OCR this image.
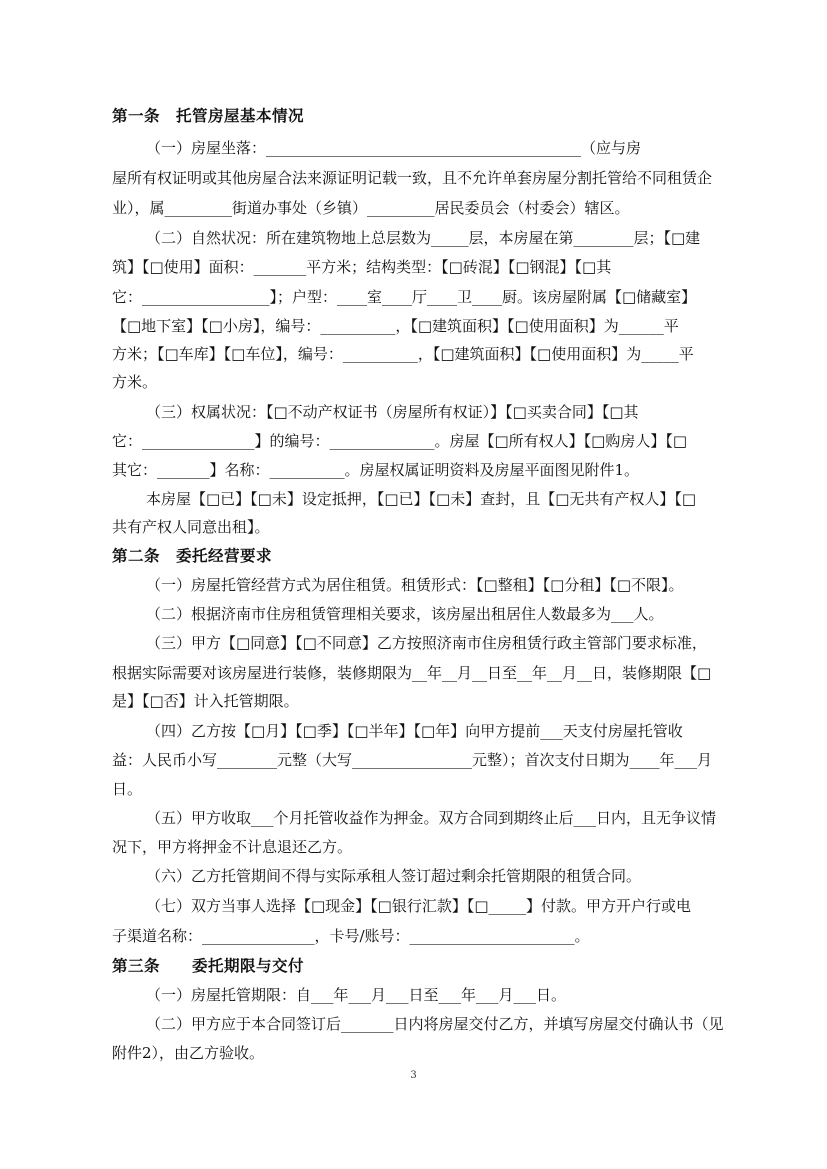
第一条　托管房屋基本情况
（一）房屋坐落：__________________________________________（应与房
屋所有权证明或其他房屋合法来源证明记载一致，且不允许单套房屋分割托管给不同租赁企
业），属_________街道办事处（乡镇）_________居民委员会（村委会）辖区。
（二）自然状况：所在建筑物地上总层数为_____层，本房屋在第________层；【□建
筑】【□使用】面积：_______平方米；结构类型：【□砖混】【□钢混】【□其
它：_________________】；户型：____室____厅____卫____厨。该房屋附属【□储藏室】
【□地下室】【□小房】，编号：__________，【□建筑面积】【□使用面积】为______平
方米；【□车库】【□车位】，编号：__________，【□建筑面积】【□使用面积】为_____平
方米。
（三）权属状况：【□不动产权证书（房屋所有权证）】【□买卖合同】【□其
它：_______________】的编号：______________。房屋【□所有权人】【□购房人】【□
其它：_______】名称：__________。房屋权属证明资料及房屋平面图见附件1。
本房屋【□已】【□未】设定抵押，【□已】【□未】查封，且【□无共有产权人】【□
共有产权人同意出租】。
第二条　委托经营要求
（一）房屋托管经营方式为居住租赁。租赁形式：【□整租】【□分租】【□不限】。
（二）根据济南市住房租赁管理相关要求，该房屋出租居住人数最多为___人。
（三）甲方【□同意】【□不同意】乙方按照济南市住房租赁行政主管部门要求标准，
根据实际需要对该房屋进行装修，装修期限为__年__月__日至__年__月__日，装修期限【□
是】【□否】计入托管期限。
（四）乙方按【□月】【□季】【□半年】【□年】向甲方提前___天支付房屋托管收
益：人民币小写________元整（大写________________元整）；首次支付日期为____年___月
日。
（五）甲方收取___个月托管收益作为押金。双方合同到期终止后___日内，且无争议情
况下，甲方将押金不计息退还乙方。
（六）乙方托管期间不得与实际承租人签订超过剩余托管期限的租赁合同。
（七）双方当事人选择【□现金】【□银行汇款】【□_____】付款。甲方开户行或电
子渠道名称：_______________，卡号/账号：______________________。
第三条　　委托期限与交付
（一）房屋托管期限：自___年___月___日至___年___月___日。
（二）甲方应于本合同签订后_______日内将房屋交付乙方，并填写房屋交付确认书（见
附件2），由乙方验收。
3
